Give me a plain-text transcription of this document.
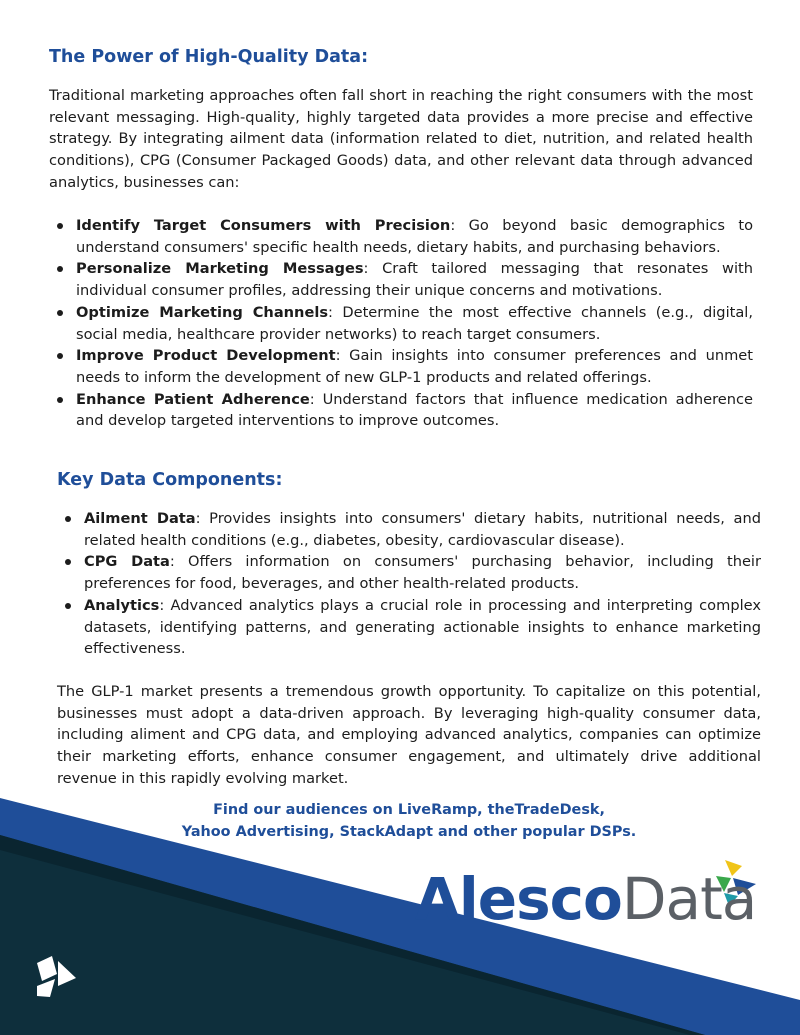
The Power of High-Quality Data:

Traditional marketing approaches often fall short in reaching the right consumers with the most relevant messaging. High-quality, highly targeted data provides a more precise and effective strategy. By integrating ailment data (information related to diet, nutrition, and related health conditions), CPG (Consumer Packaged Goods) data, and other relevant data through advanced analytics, businesses can:

Identify Target Consumers with Precision: Go beyond basic demographics to understand consumers' specific health needs, dietary habits, and purchasing behaviors.
Personalize Marketing Messages: Craft tailored messaging that resonates with individual consumer profiles, addressing their unique concerns and motivations.
Optimize Marketing Channels: Determine the most effective channels (e.g., digital, social media, healthcare provider networks) to reach target consumers.
Improve Product Development: Gain insights into consumer preferences and unmet needs to inform the development of new GLP-1 products and related offerings.
Enhance Patient Adherence: Understand factors that influence medication adherence and develop targeted interventions to improve outcomes.
Key Data Components:
Ailment Data: Provides insights into consumers' dietary habits, nutritional needs, and related health conditions (e.g., diabetes, obesity, cardiovascular disease).
CPG Data: Offers information on consumers' purchasing behavior, including their preferences for food, beverages, and other health-related products.
Analytics: Advanced analytics plays a crucial role in processing and interpreting complex datasets, identifying patterns, and generating actionable insights to enhance marketing effectiveness.

The GLP-1 market presents a tremendous growth opportunity. To capitalize on this potential, businesses must adopt a data-driven approach. By leveraging high-quality consumer data, including aliment and CPG data, and employing advanced analytics, companies can optimize their marketing efforts, enhance consumer engagement, and ultimately drive additional revenue in this rapidly evolving market.

Find our audiences on LiveRamp, theTradeDesk,
Yahoo Advertising, StackAdapt and other popular DSPs.
AlescoData
